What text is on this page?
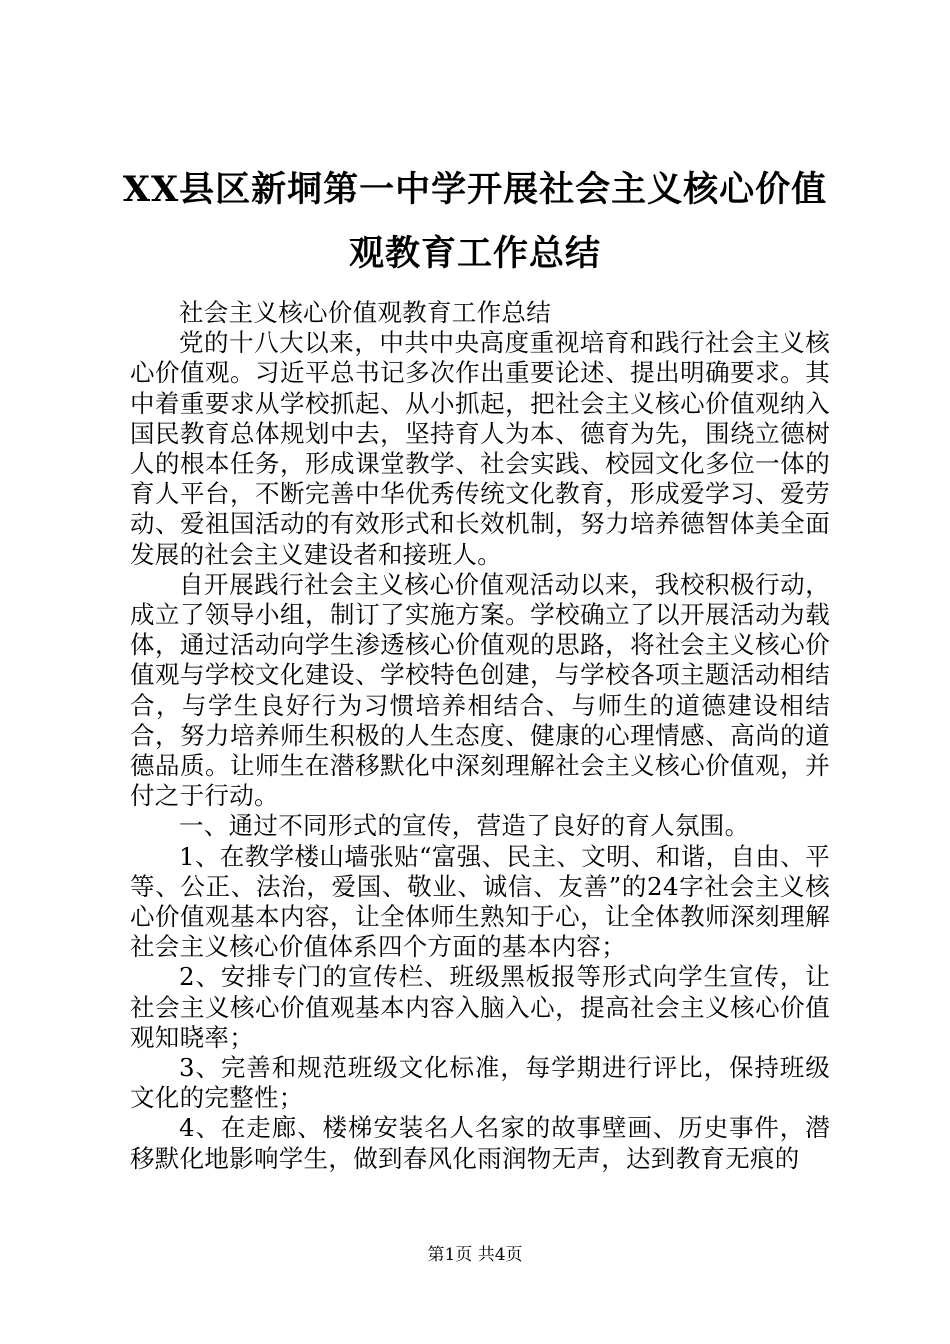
XX县区新垌第一中学开展社会主义核心价值
观教育工作总结

社会主义核心价值观教育工作总结

党的十八大以来，中共中央高度重视培育和践行社会主义核心价值观。习近平总书记多次作出重要论述、提出明确要求。其中着重要求从学校抓起、从小抓起，把社会主义核心价值观纳入国民教育总体规划中去，坚持育人为本、德育为先，围绕立德树人的根本任务，形成课堂教学、社会实践、校园文化多位一体的育人平台，不断完善中华优秀传统文化教育，形成爱学习、爱劳动、爱祖国活动的有效形式和长效机制，努力培养德智体美全面发展的社会主义建设者和接班人。

自开展践行社会主义核心价值观活动以来，我校积极行动，成立了领导小组，制订了实施方案。学校确立了以开展活动为载体，通过活动向学生渗透核心价值观的思路，将社会主义核心价值观与学校文化建设、学校特色创建，与学校各项主题活动相结合，与学生良好行为习惯培养相结合、与师生的道德建设相结合，努力培养师生积极的人生态度、健康的心理情感、高尚的道德品质。让师生在潜移默化中深刻理解社会主义核心价值观，并付之于行动。

一、通过不同形式的宣传，营造了良好的育人氛围。

1、在教学楼山墙张贴“富强、民主、文明、和谐，自由、平等、公正、法治，爱国、敬业、诚信、友善”的24字社会主义核心价值观基本内容，让全体师生熟知于心，让全体教师深刻理解社会主义核心价值体系四个方面的基本内容；

2、安排专门的宣传栏、班级黑板报等形式向学生宣传，让社会主义核心价值观基本内容入脑入心，提高社会主义核心价值观知晓率；

3、完善和规范班级文化标准，每学期进行评比，保持班级文化的完整性；

4、在走廊、楼梯安装名人名家的故事壁画、历史事件，潜移默化地影响学生，做到春风化雨润物无声，达到教育无痕的

第1页 共4页
